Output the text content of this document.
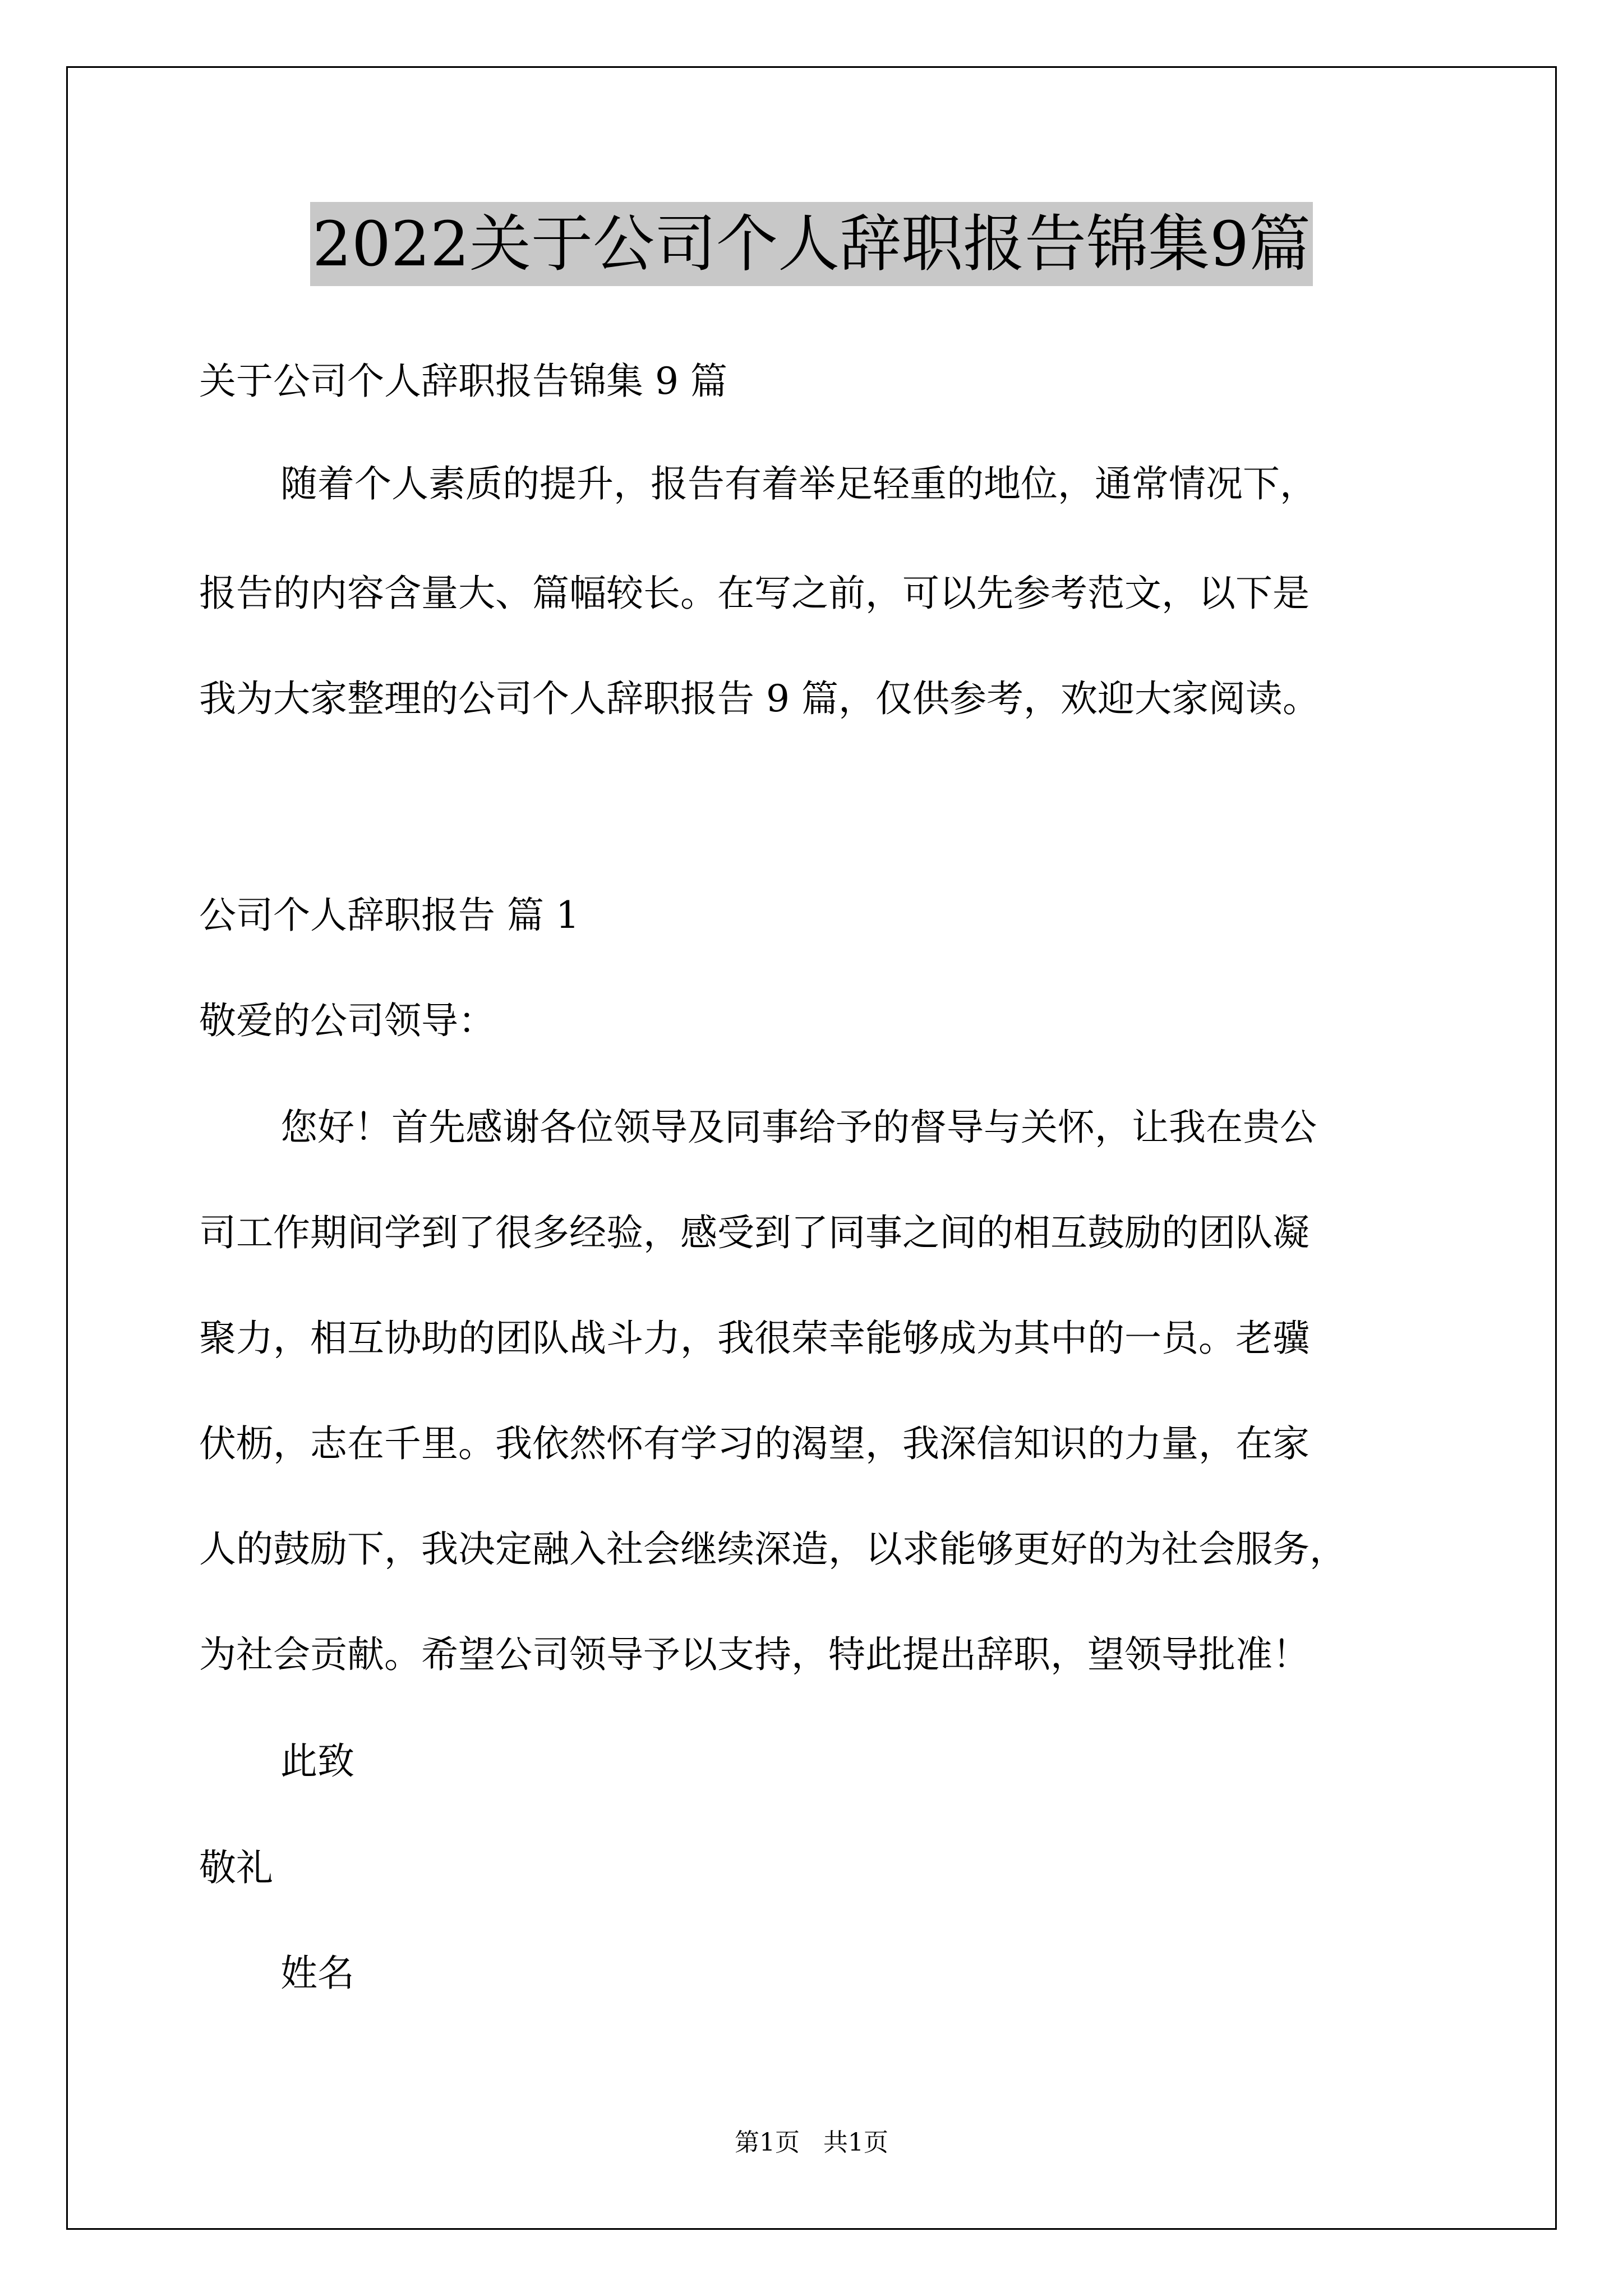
2022关于公司个人辞职报告锦集9篇
关于公司个人辞职报告锦集 9 篇
随着个人素质的提升，报告有着举足轻重的地位，通常情况下，
报告的内容含量大、篇幅较长。在写之前，可以先参考范文，以下是
我为大家整理的公司个人辞职报告 9 篇，仅供参考，欢迎大家阅读。
公司个人辞职报告 篇 1
敬爱的公司领导：
您好！首先感谢各位领导及同事给予的督导与关怀，让我在贵公
司工作期间学到了很多经验，感受到了同事之间的相互鼓励的团队凝
聚力，相互协助的团队战斗力，我很荣幸能够成为其中的一员。老骥
伏枥，志在千里。我依然怀有学习的渴望，我深信知识的力量，在家
人的鼓励下，我决定融入社会继续深造，以求能够更好的为社会服务，
为社会贡献。希望公司领导予以支持，特此提出辞职，望领导批准！
此致
敬礼
姓名
第1页 共1页
